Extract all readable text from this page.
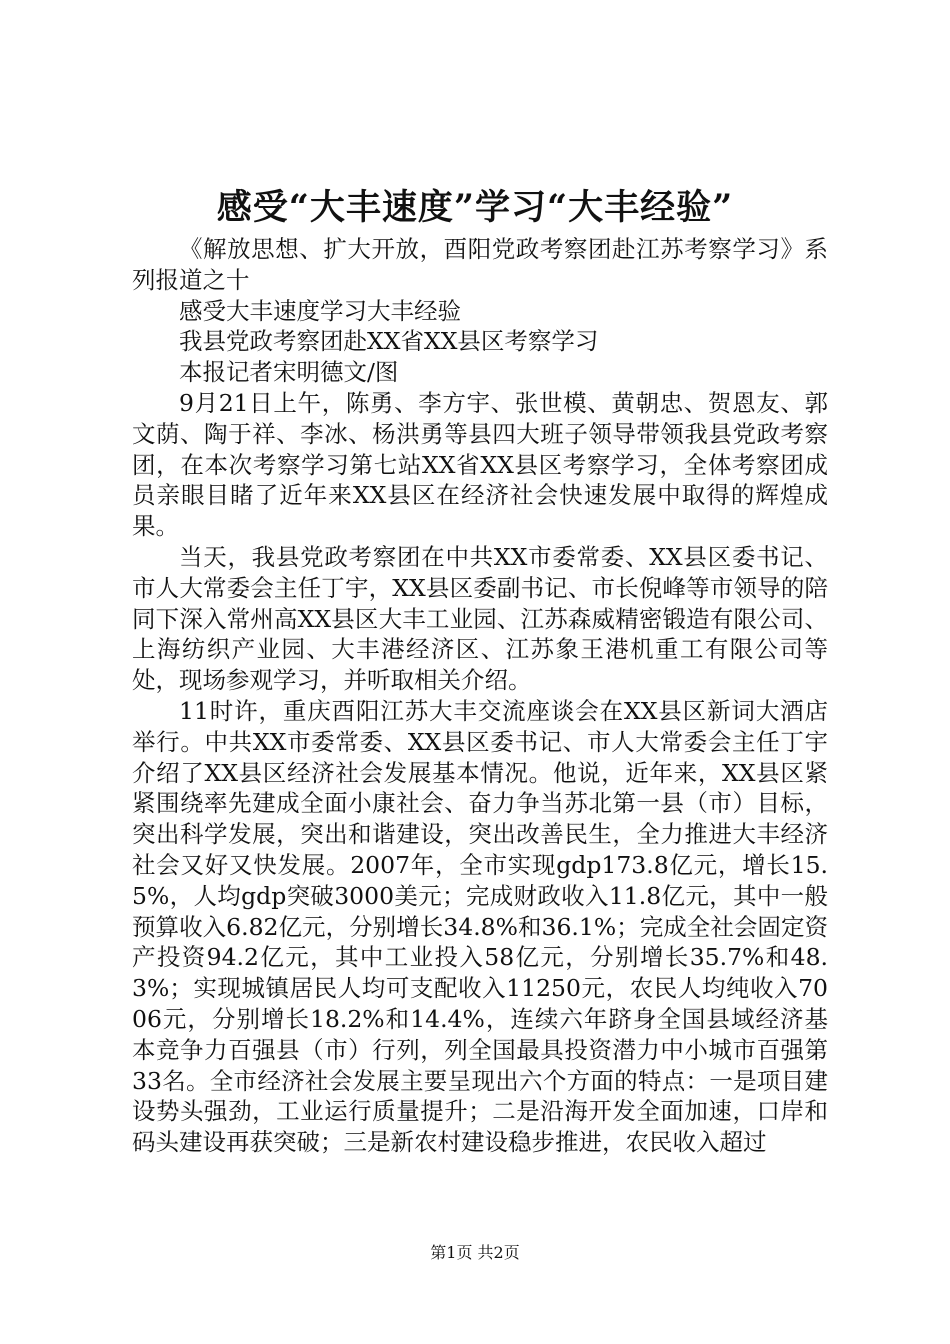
感受“大丰速度”学习“大丰经验”

《解放思想、扩大开放，酉阳党政考察团赴江苏考察学习》系列报道之十

感受大丰速度学习大丰经验

我县党政考察团赴XX省XX县区考察学习

本报记者宋明德文/图

9月21日上午，陈勇、李方宇、张世模、黄朝忠、贺恩友、郭文荫、陶于祥、李冰、杨洪勇等县四大班子领导带领我县党政考察团，在本次考察学习第七站XX省XX县区考察学习，全体考察团成员亲眼目睹了近年来XX县区在经济社会快速发展中取得的辉煌成果。

当天，我县党政考察团在中共XX市委常委、XX县区委书记、市人大常委会主任丁宇，XX县区委副书记、市长倪峰等市领导的陪同下深入常州高XX县区大丰工业园、江苏森威精密锻造有限公司、上海纺织产业园、大丰港经济区、江苏象王港机重工有限公司等处，现场参观学习，并听取相关介绍。

11时许，重庆酉阳江苏大丰交流座谈会在XX县区新词大酒店举行。中共XX市委常委、XX县区委书记、市人大常委会主任丁宇介绍了XX县区经济社会发展基本情况。他说，近年来，XX县区紧紧围绕率先建成全面小康社会、奋力争当苏北第一县（市）目标，突出科学发展，突出和谐建设，突出改善民生，全力推进大丰经济社会又好又快发展。2007年，全市实现gdp173.8亿元，增长15.5%，人均gdp突破3000美元；完成财政收入11.8亿元，其中一般预算收入6.82亿元，分别增长34.8%和36.1%；完成全社会固定资产投资94.2亿元，其中工业投入58亿元，分别增长35.7%和48.3%；实现城镇居民人均可支配收入11250元，农民人均纯收入7006元，分别增长18.2%和14.4%，连续六年跻身全国县域经济基本竞争力百强县（市）行列，列全国最具投资潜力中小城市百强第33名。全市经济社会发展主要呈现出六个方面的特点：一是项目建设势头强劲，工业运行质量提升；二是沿海开发全面加速，口岸和码头建设再获突破；三是新农村建设稳步推进，农民收入超过

第1页 共2页
